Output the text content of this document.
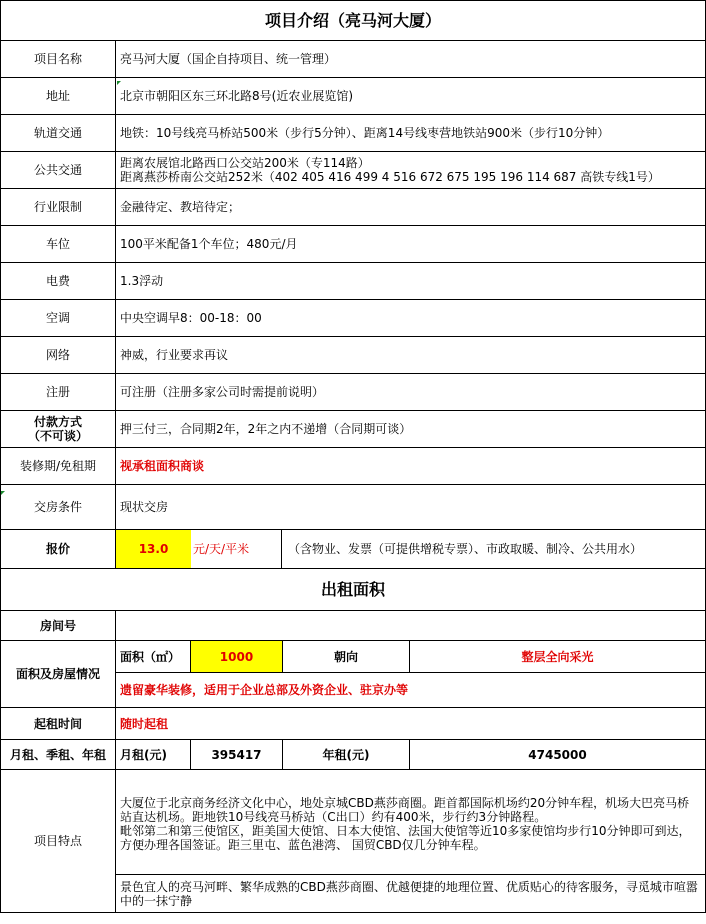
项目介绍（亮马河大厦）				
项目名称	亮马河大厦（国企自持项目、统一管理）			
地址	北京市朝阳区东三环北路8号(近农业展览馆)			
轨道交通	地铁：10号线亮马桥站500米（步行5分钟）、距离14号线枣营地铁站900米（步行10分钟）			
公共交通	距离农展馆北路西口公交站200米（专114路）
距离燕莎桥南公交站252米（402 405 416 499 4 516 672 675 195 196 114 687 高铁专线1号）			

行业限制	金融待定、教培待定；			
车位	100平米配备1个车位；480元/月			
电费	1.3浮动			
空调	中央空调早8：00-18：00			
网络	神威，行业要求再议			
注册	可注册（注册多家公司时需提前说明）			

付款方式
（不可谈）	押三付三，合同期2年，2年之内不递增（合同期可谈）			
装修期/免租期	视承租面积商谈			
交房条件	现状交房			
报价	13.0 元/天/平米 （含物业、发票（可提供增税专票）、市政取暖、制冷、公共用水）			

出租面积				
房间号				
面积及房屋情况	面积（㎡）	1000	朝向	整层全向采光
	遗留豪华装修，适用于企业总部及外资企业、驻京办等			
起租时间	随时起租			
月租、季租、年租	月租(元)	395417	年租(元)	4745000
项目特点	大厦位于北京商务经济文化中心，地处京城CBD燕莎商圈。距首都国际机场约20分钟车程，机场大巴亮马桥站直达机场。距地铁10号线亮马桥站（C出口）约有400米，步行约3分钟路程。
毗邻第二和第三使馆区，距美国大使馆、日本大使馆、法国大使馆等近10多家使馆均步行10分钟即可到达，方便办理各国签证。距三里屯、蓝色港湾、 国贸CBD仅几分钟车程。			

	景色宜人的亮马河畔、繁华成熟的CBD燕莎商圈、优越便捷的地理位置、优质贴心的待客服务，寻觅城市喧嚣中的一抹宁静			
